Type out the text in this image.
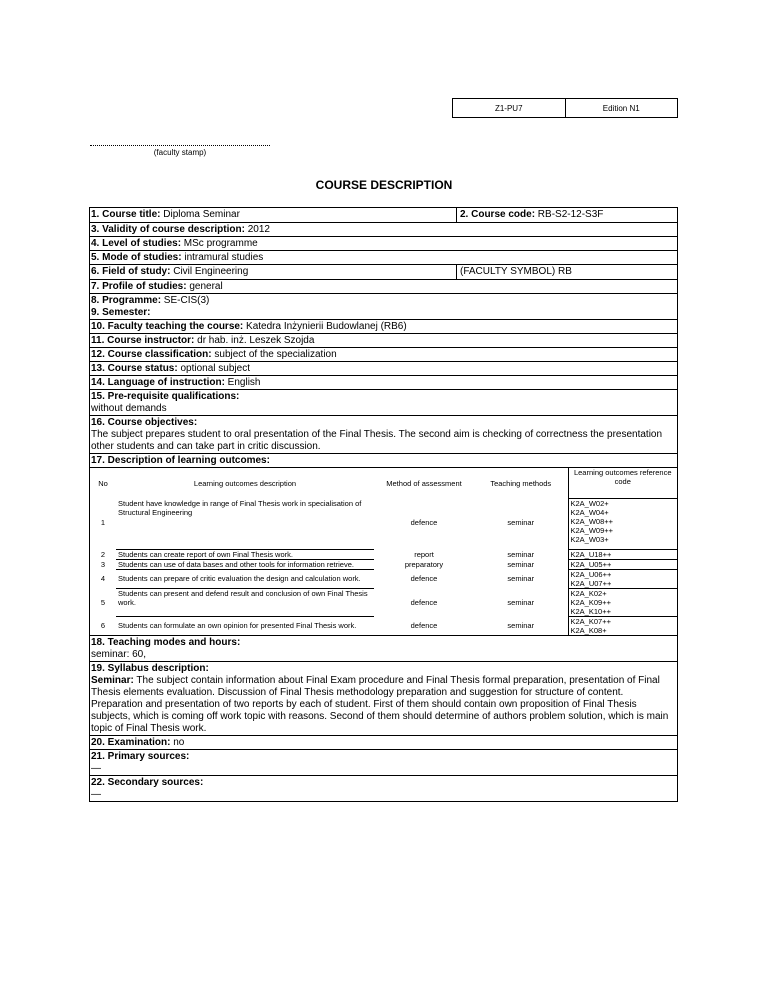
Z1-PU7	Edition N1
(faculty stamp)
COURSE DESCRIPTION
1. Course title: Diploma Seminar	2. Course code: RB-S2-12-S3F
3. Validity of course description: 2012
4. Level of studies: MSc programme
5. Mode of studies: intramural studies
6. Field of study: Civil Engineering	(FACULTY SYMBOL) RB
7. Profile of studies: general
8. Programme: SE-CIS(3)
9. Semester:
10. Faculty teaching the course: Katedra Inżynierii Budowlanej (RB6)
11. Course instructor: dr hab. inż. Leszek Szojda
12. Course classification: subject of the specialization
13. Course status: optional subject
14. Language of instruction: English
15. Pre-requisite qualifications:
without demands
16. Course objectives:
The subject prepares student to oral presentation of the Final Thesis. The second aim is checking of correctness the presentation other students and can take part in critic discussion.
17. Description of learning outcomes:
No	Learning outcomes description	Method of assessment	Teaching methods	Learning outcomes reference code
1	Student have knowledge in range of Final Thesis work in specialisation of Structural Engineering	defence	seminar	K2A_W02+
K2A_W04+
K2A_W08++
K2A_W09++
K2A_W03+

2	Students can create report of own Final Thesis work.	report	seminar	K2A_U18++

3	Students can use of data bases and other tools for information retrieve.	preparatory	seminar	K2A_U05++

4	Students can prepare of critic evaluation the design and calculation work.	defence	seminar	K2A_U06++
K2A_U07++

5	Students can present and defend result and conclusion of own Final Thesis work.	defence	seminar	K2A_K02+
K2A_K09++
K2A_K10++

6	Students can formulate an own opinion for presented Final Thesis work.	defence	seminar	K2A_K07++
K2A_K08+
18. Teaching modes and hours:
seminar: 60,
19. Syllabus description:
Seminar: The subject contain information about Final Exam procedure and Final Thesis formal preparation, presentation of Final Thesis elements evaluation. Discussion of Final Thesis methodology preparation and suggestion for structure of content. Preparation and presentation of two reports by each of student. First of them should contain own proposition of Final Thesis subjects, which is coming off work topic with reasons. Second of them should determine of authors problem solution, which is main topic of Final Thesis work.
20. Examination: no
21. Primary sources:
—
22. Secondary sources:
—
